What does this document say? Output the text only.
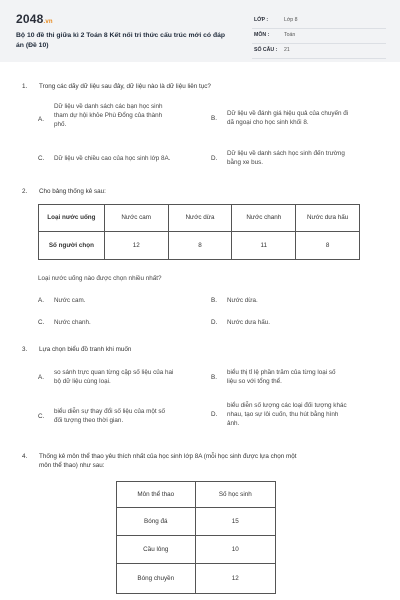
2048.vn
Bộ 10 đề thi giữa kì 2 Toán 8 Kết nối tri thức cấu trúc mới có đáp án (Đề 10)
LỚP :	Lớp 8
MÔN :	Toán
SỐ CÂU : 21
1. Trong các dãy dữ liệu sau đây, dữ liệu nào là dữ liệu liên tục?
A.
Dữ liệu về danh sách các bạn học sinh
tham dự hội khỏe Phù Đổng của thành
phố.
B.
Dữ liệu về đánh giá hiệu quả của chuyến đi
dã ngoại cho học sinh khối 8.
C. Dữ liệu về chiều cao của học sinh lớp 8A.	D.
Dữ liệu về danh sách học sinh đến trường
bằng xe bus.
2. Cho bảng thống kê sau:
Loại nước uống	Nước cam	Nước dừa	Nước chanh	Nước dưa hấu
Số người chọn	12	8	11	8
Loại nước uống nào được chọn nhiều nhất?
A. Nước cam.	B. Nước dừa.
C. Nước chanh.	D. Nước dưa hấu.
3. Lựa chọn biểu đồ tranh khi muốn
A.
so sánh trực quan từng cặp số liệu của hai
bộ dữ liệu cùng loại.
B.
biểu thị tỉ lệ phần trăm của từng loại số
liệu so với tổng thể.
C.
biểu diễn sự thay đổi số liệu của một số
đối tượng theo thời gian.
D.
biểu diễn số lượng các loại đối tượng khác
nhau, tạo sự lôi cuốn, thu hút bằng hình
ảnh.
4. Thống kê môn thể thao yêu thích nhất của học sinh lớp 8A (mỗi học sinh được lựa chọn một
môn thể thao) như sau:
Môn thể thao	Số học sinh
Bóng đá	15
Cầu lông	10
Bóng chuyền	12
